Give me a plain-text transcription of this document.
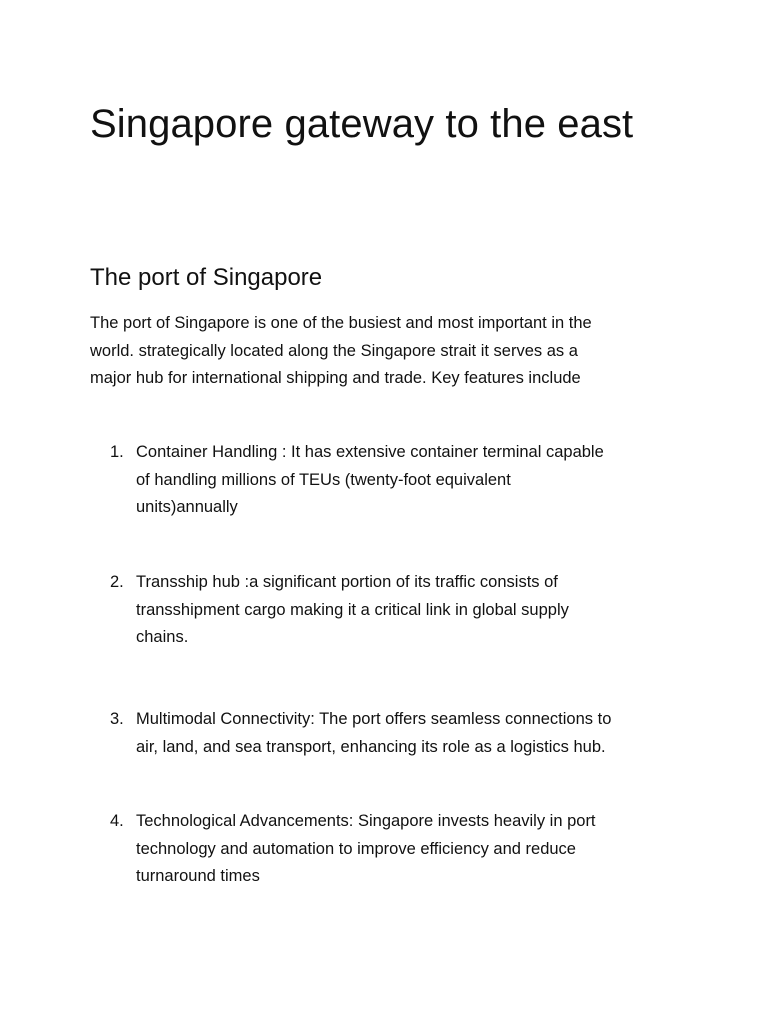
Singapore gateway to the east
The port of Singapore

The port of Singapore is one of the busiest and most important in the
world. strategically located along the Singapore strait it serves as a
major hub for international shipping and trade. Key features include

1. Container Handling : It has extensive container terminal capable
of handling millions of TEUs (twenty-foot equivalent
units)annually
2. Transship hub :a significant portion of its traffic consists of
transshipment cargo making it a critical link in global supply
chains.
3. Multimodal Connectivity: The port offers seamless connections to
air, land, and sea transport, enhancing its role as a logistics hub.
4. Technological Advancements: Singapore invests heavily in port
technology and automation to improve efficiency and reduce
turnaround times
